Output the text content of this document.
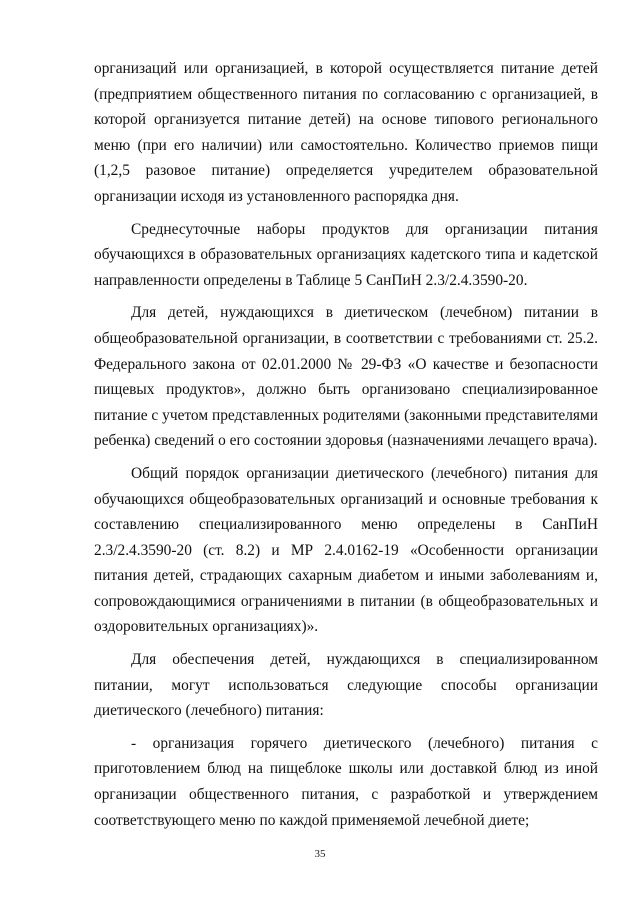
организаций или организацией, в которой осуществляется питание детей (предприятием общественного питания по согласованию с организацией, в которой организуется питание детей) на основе типового регионального меню (при его наличии) или самостоятельно. Количество приемов пищи (1,2,5 разовое питание) определяется учредителем образовательной организации исходя из установленного распорядка дня.

Среднесуточные наборы продуктов для организации питания обучающихся в образовательных организациях кадетского типа и кадетской направленности определены в Таблице 5 СанПиН 2.3/2.4.3590-20.

Для детей, нуждающихся в диетическом (лечебном) питании в общеобразовательной организации, в соответствии с требованиями ст. 25.2. Федерального закона от 02.01.2000 № 29-ФЗ «О качестве и безопасности пищевых продуктов», должно быть организовано специализированное питание с учетом представленных родителями (законными представителями ребенка) сведений о его состоянии здоровья (назначениями лечащего врача).

Общий порядок организации диетического (лечебного) питания для обучающихся общеобразовательных организаций и основные требования к составлению специализированного меню определены в СанПиН 2.3/2.4.3590-20 (ст. 8.2) и МР 2.4.0162-19 «Особенности организации питания детей, страдающих сахарным диабетом и иными заболеваниям и, сопровождающимися ограничениями в питании (в общеобразовательных и оздоровительных организациях)».

Для обеспечения детей, нуждающихся в специализированном питании, могут использоваться следующие способы организации диетического (лечебного) питания:

- организация горячего диетического (лечебного) питания с приготовлением блюд на пищеблоке школы или доставкой блюд из иной организации общественного питания, с разработкой и утверждением соответствующего меню по каждой применяемой лечебной диете;

35
